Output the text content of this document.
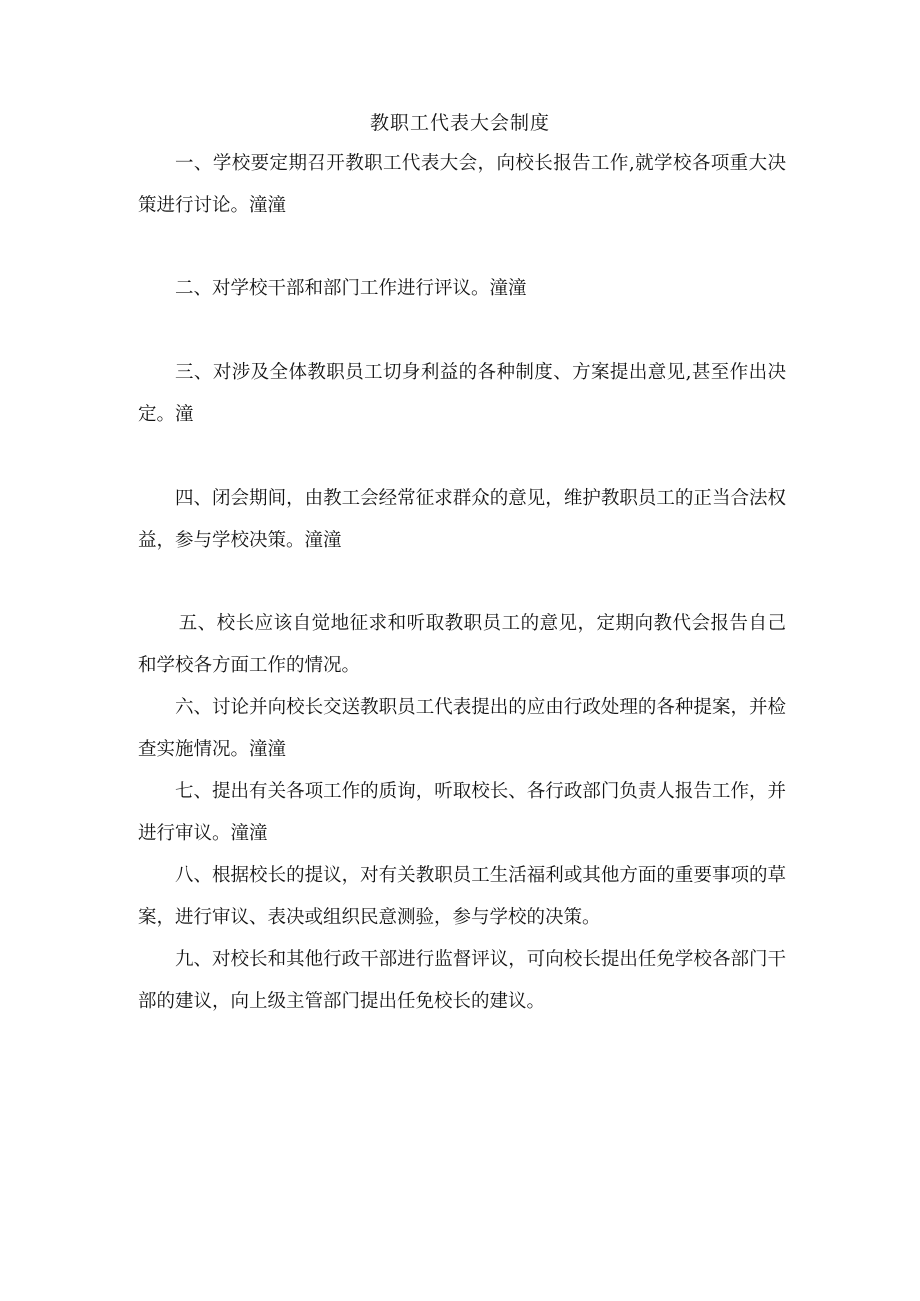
教职工代表大会制度

一、学校要定期召开教职工代表大会，向校长报告工作,就学校各项重大决策进行讨论。潼潼

二、对学校干部和部门工作进行评议。潼潼

三、对涉及全体教职员工切身利益的各种制度、方案提出意见,甚至作出决定。潼

四、闭会期间，由教工会经常征求群众的意见，维护教职员工的正当合法权益，参与学校决策。潼潼

五、校长应该自觉地征求和听取教职员工的意见，定期向教代会报告自己和学校各方面工作的情况。

六、讨论并向校长交送教职员工代表提出的应由行政处理的各种提案，并检查实施情况。潼潼

七、提出有关各项工作的质询，听取校长、各行政部门负责人报告工作，并进行审议。潼潼

八、根据校长的提议，对有关教职员工生活福利或其他方面的重要事项的草案，进行审议、表决或组织民意测验，参与学校的决策。

九、对校长和其他行政干部进行监督评议，可向校长提出任免学校各部门干部的建议，向上级主管部门提出任免校长的建议。
